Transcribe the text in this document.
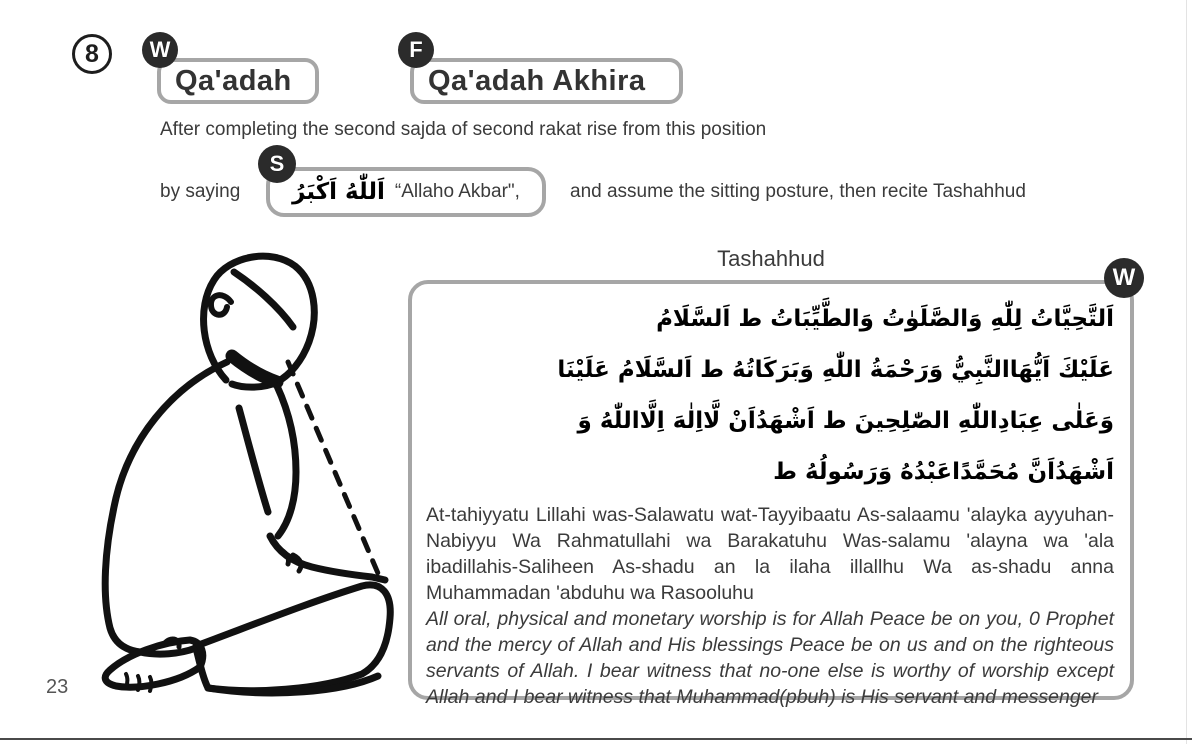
8	W
Qa'adah
F
Qa'adah Akhira
After completing the second sajda of second rakat rise from this position
by saying
S
اَللّٰهُ اَكْبَرُ “Allaho Akbar",	and assume the sitting posture, then recite Tashahhud
Tashahhud
W
اَلتَّحِيَّاتُ لِلّٰهِ وَالصَّلَوٰتُ وَالطَّيِّبَاتُ ط اَلسَّلَامُ
عَلَيْكَ اَيُّهَاالنَّبِيُّ وَرَحْمَةُ اللّٰهِ وَبَرَكَاتُهُ ط اَلسَّلَامُ عَلَيْنَا
وَعَلٰى عِبَادِاللّٰهِ الصّٰلِحِينَ ط اَشْهَدُاَنْ لَّااِلٰهَ اِلَّااللّٰهُ وَ
اَشْهَدُاَنَّ مُحَمَّدًاعَبْدُهُ وَرَسُولُهُ ط
At-tahiyyatu Lillahi was-Salawatu wat-Tayyibaatu As-salaamu 'alayka ayyuhan-Nabiyyu Wa Rahmatullahi wa Barakatuhu Was-salamu 'alayna wa 'ala ibadillahis-Saliheen As-shadu an la ilaha illallhu Wa as-shadu anna Muhammadan 'abduhu wa Rasooluhu
All oral, physical and monetary worship is for Allah Peace be on you, 0 Prophet and the mercy of Allah and His blessings Peace be on us and on the righteous servants of Allah. I bear witness that no-one else is worthy of worship except Allah and I bear witness that Muhammad(pbuh) is His servant and messenger
23
